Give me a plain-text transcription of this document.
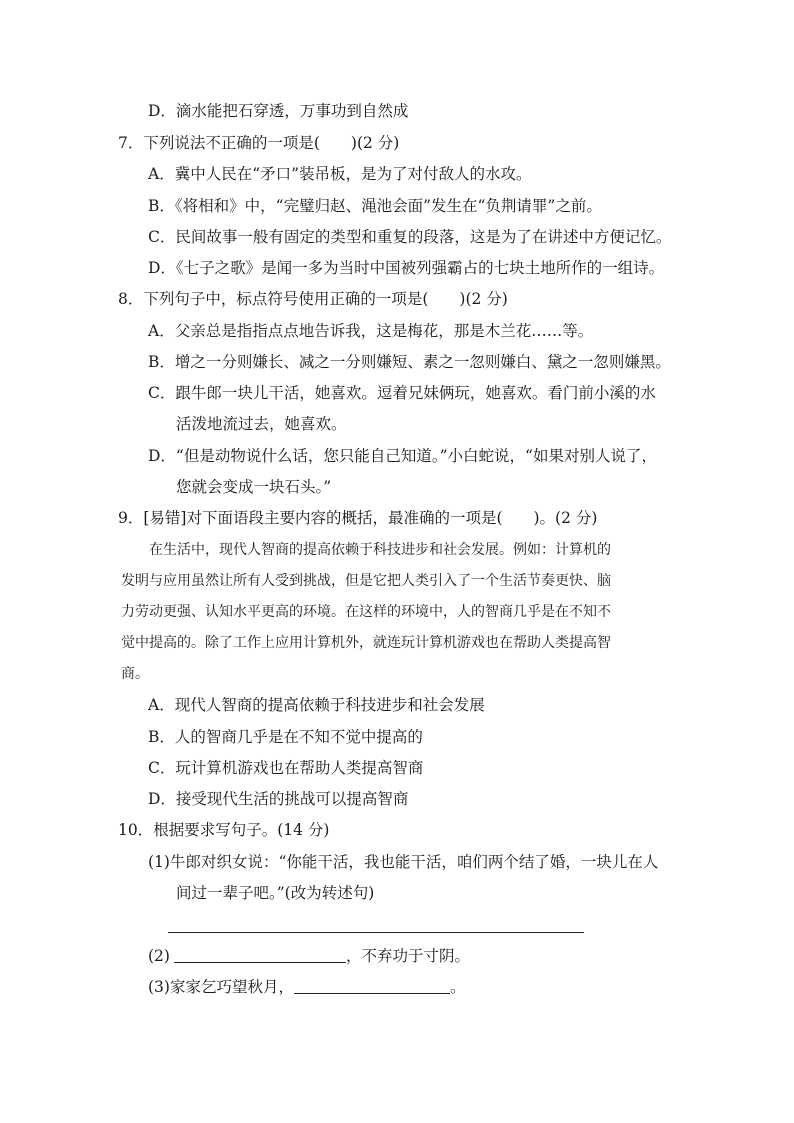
D．滴水能把石穿透，万事功到自然成
7．下列说法不正确的一项是(　　)(2 分)
A．冀中人民在“矛口”装吊板，是为了对付敌人的水攻。
B．《将相和》中，“完璧归赵、渑池会面”发生在“负荆请罪”之前。
C．民间故事一般有固定的类型和重复的段落，这是为了在讲述中方便记忆。
D．《七子之歌》是闻一多为当时中国被列强霸占的七块土地所作的一组诗。
8．下列句子中，标点符号使用正确的一项是(　　)(2 分)
A．父亲总是指指点点地告诉我，这是梅花，那是木兰花……等。
B．增之一分则嫌长、减之一分则嫌短、素之一忽则嫌白、黛之一忽则嫌黑。
C．跟牛郎一块儿干活，她喜欢。逗着兄妹俩玩，她喜欢。看门前小溪的水
活泼地流过去，她喜欢。
D．“但是动物说什么话，您只能自己知道。”小白蛇说，“如果对别人说了，
您就会变成一块石头。”
9．[易错]对下面语段主要内容的概括，最准确的一项是(　　)。(2 分)
　　在生活中，现代人智商的提高依赖于科技进步和社会发展。例如：计算机的
发明与应用虽然让所有人受到挑战，但是它把人类引入了一个生活节奏更快、脑
力劳动更强、认知水平更高的环境。在这样的环境中，人的智商几乎是在不知不
觉中提高的。除了工作上应用计算机外，就连玩计算机游戏也在帮助人类提高智
商。
A．现代人智商的提高依赖于科技进步和社会发展
B．人的智商几乎是在不知不觉中提高的
C．玩计算机游戏也在帮助人类提高智商
D．接受现代生活的挑战可以提高智商
10．根据要求写句子。(14 分)
(1)牛郎对织女说：“你能干活，我也能干活，咱们两个结了婚，一块儿在人
间过一辈子吧。”(改为转述句)
(2)	，不弃功于寸阴。
(3)家家乞巧望秋月，	。
